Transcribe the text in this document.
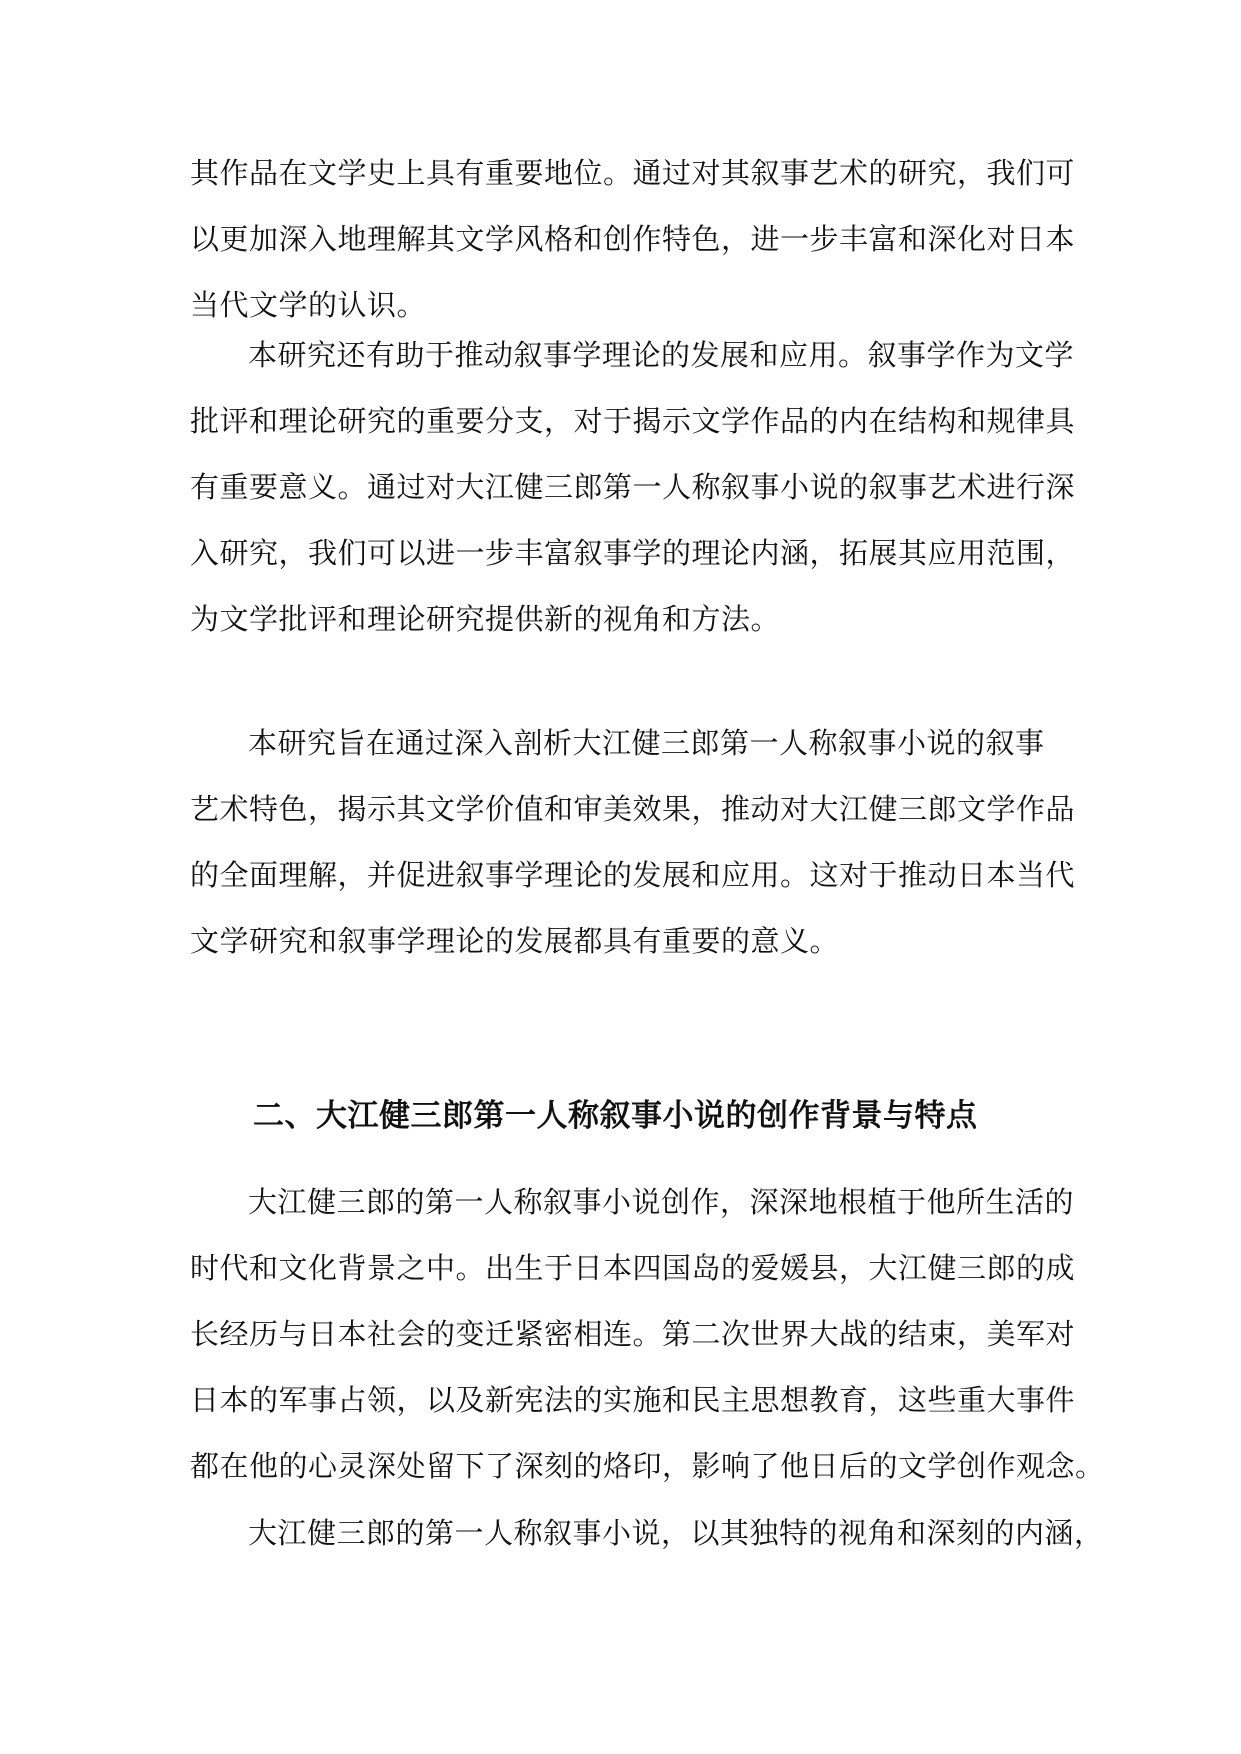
其作品在文学史上具有重要地位。通过对其叙事艺术的研究，我们可
以更加深入地理解其文学风格和创作特色，进一步丰富和深化对日本
当代文学的认识。
本研究还有助于推动叙事学理论的发展和应用。叙事学作为文学
批评和理论研究的重要分支，对于揭示文学作品的内在结构和规律具
有重要意义。通过对大江健三郎第一人称叙事小说的叙事艺术进行深
入研究，我们可以进一步丰富叙事学的理论内涵，拓展其应用范围，
为文学批评和理论研究提供新的视角和方法。
本研究旨在通过深入剖析大江健三郎第一人称叙事小说的叙事
艺术特色，揭示其文学价值和审美效果，推动对大江健三郎文学作品
的全面理解，并促进叙事学理论的发展和应用。这对于推动日本当代
文学研究和叙事学理论的发展都具有重要的意义。
二、大江健三郎第一人称叙事小说的创作背景与特点
大江健三郎的第一人称叙事小说创作，深深地根植于他所生活的
时代和文化背景之中。出生于日本四国岛的爱媛县，大江健三郎的成
长经历与日本社会的变迁紧密相连。第二次世界大战的结束，美军对
日本的军事占领，以及新宪法的实施和民主思想教育，这些重大事件
都在他的心灵深处留下了深刻的烙印，影响了他日后的文学创作观念。
大江健三郎的第一人称叙事小说，以其独特的视角和深刻的内涵，
